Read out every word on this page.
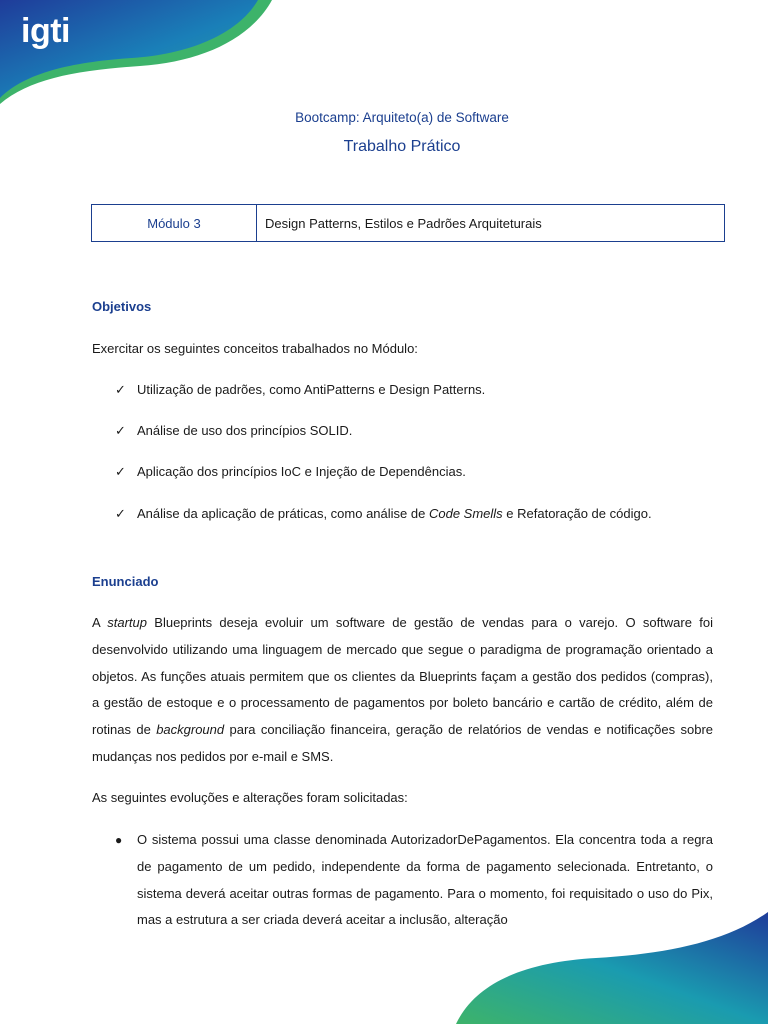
igti
Bootcamp: Arquiteto(a) de Software
Trabalho Prático
Módulo 3	Design Patterns, Estilos e Padrões Arquiteturais
Objetivos
Exercitar os seguintes conceitos trabalhados no Módulo:
✓ Utilização de padrões, como AntiPatterns e Design Patterns.
✓ Análise de uso dos princípios SOLID.
✓ Aplicação dos princípios IoC e Injeção de Dependências.
✓ Análise da aplicação de práticas, como análise de Code Smells e Refatoração de código.
Enunciado
A startup Blueprints deseja evoluir um software de gestão de vendas para o varejo. O software foi desenvolvido utilizando uma linguagem de mercado que segue o paradigma de programação orientado a objetos. As funções atuais permitem que os clientes da Blueprints façam a gestão dos pedidos (compras), a gestão de estoque e o processamento de pagamentos por boleto bancário e cartão de crédito, além de rotinas de background para conciliação financeira, geração de relatórios de vendas e notificações sobre mudanças nos pedidos por e-mail e SMS.
As seguintes evoluções e alterações foram solicitadas:
●	O sistema possui uma classe denominada AutorizadorDePagamentos. Ela concentra toda a regra de pagamento de um pedido, independente da forma de pagamento selecionada. Entretanto, o sistema deverá aceitar outras formas de pagamento. Para o momento, foi requisitado o uso do Pix, mas a estrutura a ser criada deverá aceitar a inclusão, alteração
